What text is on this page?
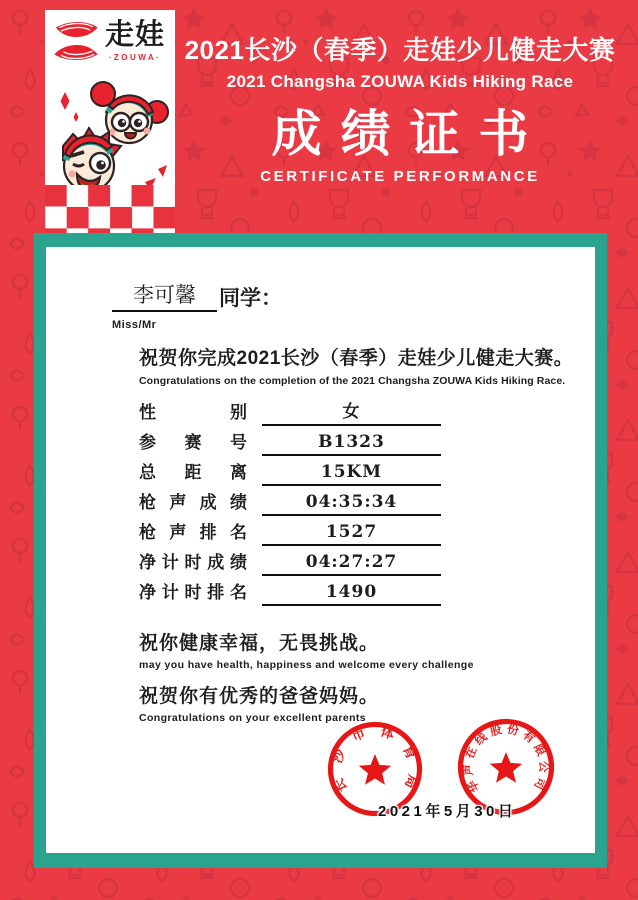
走娃
·ZOUWA· 2021长沙（春季）走娃少儿健走大赛
2021 Changsha ZOUWA Kids Hiking Race
成绩证书
CERTIFICATE PERFORMANCE
李可馨	同学：
Miss/Mr
祝贺你完成2021长沙（春季）走娃少儿健走大赛。
Congratulations on the completion of the 2021 Changsha ZOUWA Kids Hiking Race.
性别	女
参赛号	B1323
总距离	15KM
枪声成绩	04:35:34
枪声排名	1527
净计时成绩	04:27:27
净计时排名	1490
祝你健康幸福，无畏挑战。
may you have health, happiness and welcome every challenge
祝贺你有优秀的爸爸妈妈。
Congratulations on your excellent parents
长沙市体育局	华声在线股份有限公司
2021年5月30日
